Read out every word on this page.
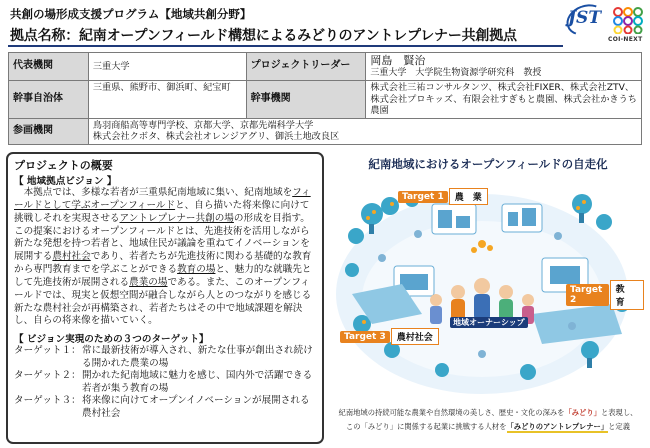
共創の場形成支援プログラム【地域共創分野】
拠点名称：紀南オープンフィールド構想によるみどりのアントレプレナー共創拠点
JST
COI-NEXT
代表機関	三重大学	プロジェクトリーダー	岡島　賢治
三重大学　大学院生物資源学研究科　教授

幹事自治体	三重県、熊野市、御浜町、紀宝町	幹事機関	株式会社三祐コンサルタンツ、株式会社FIXER、株式会社ZTV、株式会社プロキッズ、有限会社すぎもと農園、株式会社かきうち農園
参画機関	鳥羽商船高等専門学校、京都大学、京都先端科学大学
株式会社クボタ、株式会社オレンジアグリ、御浜土地改良区		
プロジェクトの概要
【 地域拠点ビジョン 】

本拠点では、多様な若者が三重県紀南地域に集い、紀南地域をフィールドとして学ぶオープンフィールドと、自ら描いた将来像に向けて挑戦しそれを実現させるアントレプレナー共創の場の形成を目指す。この提案におけるオープンフィールドとは、先進技術を活用しながら新たな発想を持つ若者と、地域住民が議論を重ねてイノベーションを展開する農村社会であり、若者たちが先進技術に関わる基礎的な教育から専門教育までを学ぶことができる教育の場と、魅力的な就職先として先進技術が展開される農業の場である。また、このオープンフィールドでは、現実と仮想空間が融合しながら人とのつながりを感じる新たな農村社会が再構築され、若者たちはその中で地域課題を解決し、自らの将来像を描いていく。

【 ビジョン実現のための３つのターゲット】
ターゲット１： 常に最新技術が導入され、新たな仕事が創出され続ける開かれた農業の場
ターゲット２： 開かれた紀南地域に魅力を感じ、国内外で活躍できる若者が集う教育の場
ターゲット３： 将来像に向けてオープンイノベーションが展開される農村社会
紀南地域におけるオープンフィールドの自走化
Target 1	農　業
Target 2
教　育
Target 3	農村社会
地域オーナーシップ
紀南地域の持続可能な農業や自然環境の美しさ、歴史・文化の深みを「みどり」と表現し、
この「みどり」に関係する起業に挑戦する人材を「みどりのアントレプレナー」と定義
